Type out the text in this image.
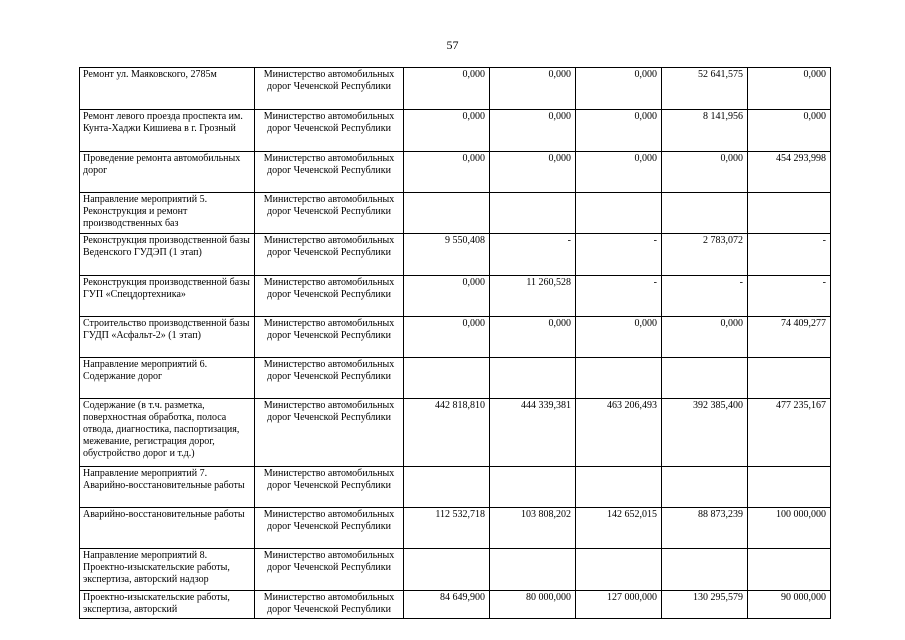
57
Ремонт ул. Маяковского, 2785м	Министерство автомобильных дорог Чеченской Республики	0,000	0,000	0,000	52 641,575	0,000
Ремонт левого проезда проспекта им. Кунта-Хаджи Кишиева в г. Грозный	Министерство автомобильных дорог Чеченской Республики	0,000	0,000	0,000	8 141,956	0,000
Проведение ремонта автомобильных дорог	Министерство автомобильных дорог Чеченской Республики	0,000	0,000	0,000	0,000	454 293,998
Направление мероприятий 5. Реконструкция и ремонт производственных баз	Министерство автомобильных дорог Чеченской Республики					
Реконструкция производственной базы Веденского ГУДЭП (1 этап)	Министерство автомобильных дорог Чеченской Республики	9 550,408	-	-	2 783,072	-
Реконструкция производственной базы ГУП «Спецдортехника»	Министерство автомобильных дорог Чеченской Республики	0,000	11 260,528	-	-	-
Строительство производственной базы ГУДП «Асфальт-2» (1 этап)	Министерство автомобильных дорог Чеченской Республики	0,000	0,000	0,000	0,000	74 409,277
Направление мероприятий 6. Содержание дорог	Министерство автомобильных дорог Чеченской Республики					
Содержание (в т.ч. разметка, поверхностная обработка, полоса отвода, диагностика, паспортизация, межевание, регистрация дорог, обустройство дорог и т.д.)	Министерство автомобильных дорог Чеченской Республики	442 818,810	444 339,381	463 206,493	392 385,400	477 235,167
Направление мероприятий 7. Аварийно-восстановительные работы	Министерство автомобильных дорог Чеченской Республики					
Аварийно-восстановительные работы	Министерство автомобильных дорог Чеченской Республики	112 532,718	103 808,202	142 652,015	88 873,239	100 000,000
Направление мероприятий 8. Проектно-изыскательские работы, экспертиза, авторский надзор	Министерство автомобильных дорог Чеченской Республики					
Проектно-изыскательские работы, экспертиза, авторский	Министерство автомобильных дорог Чеченской Республики	84 649,900	80 000,000	127 000,000	130 295,579	90 000,000
